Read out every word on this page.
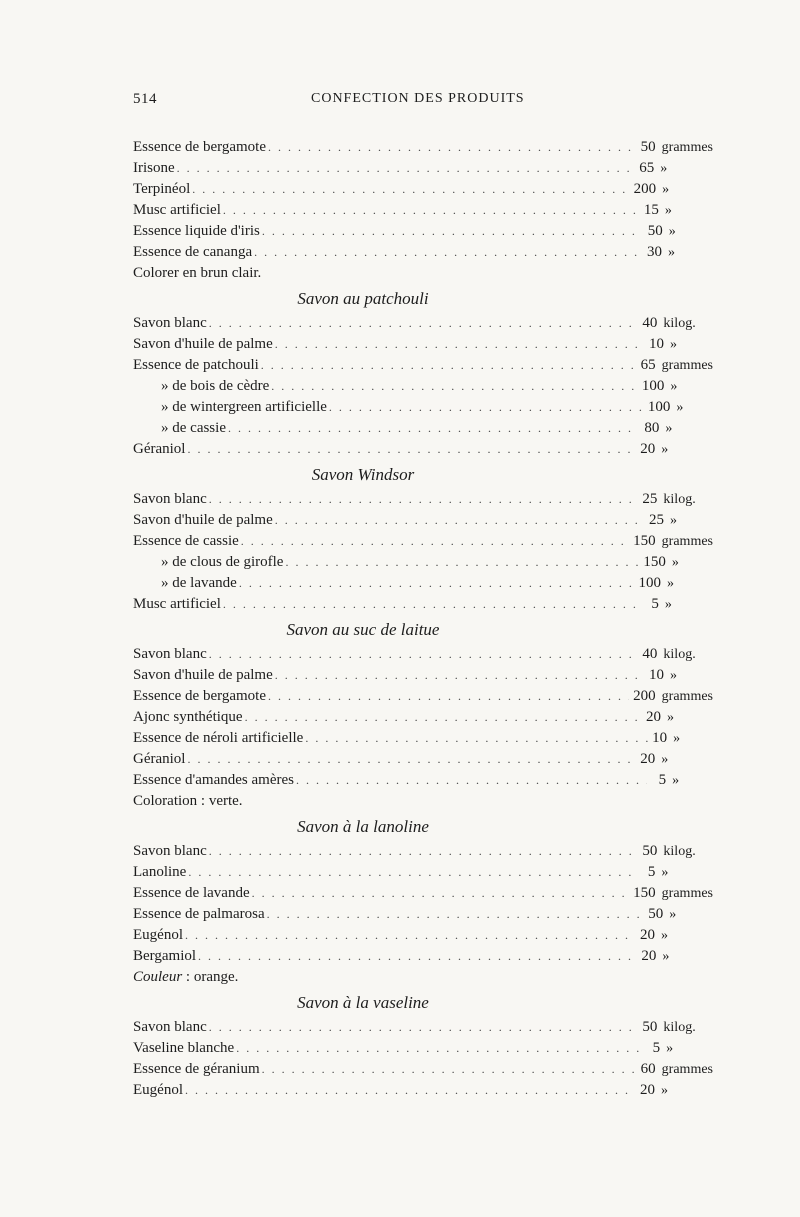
514	CONFECTION DES PRODUITS
Essence de bergamote . . .	50 grammes
Irisone . . .	65 »
Terpinéol . . .	200 »
Musc artificiel . . .	15 »
Essence liquide d'iris . . .	50 »
Essence de cananga . . .	30 »
Colorer en brun clair.
Savon au patchouli
Savon blanc . . .	40 kilog.
Savon d'huile de palme . . .	10 »
Essence de patchouli . . .	65 grammes
» de bois de cèdre . . .	100 »
» de wintergreen artificielle . . .	100 »
» de cassie . . .	80 »
Géraniol . . .	20 »
Savon Windsor
Savon blanc . . .	25 kilog.
Savon d'huile de palme . . .	25 »
Essence de cassie . . .	150 grammes
» de clous de girofle . . .	150 »
» de lavande . . .	100 »
Musc artificiel . . .	5 »
Savon au suc de laitue
Savon blanc . . .	40 kilog.
Savon d'huile de palme . . .	10 »
Essence de bergamote . . .	200 grammes
Ajonc synthétique . . .	20 »
Essence de néroli artificielle . . .	10 »
Géraniol . . .	20 »
Essence d'amandes amères . . .	5 »
Coloration : verte.
Savon à la lanoline
Savon blanc . . .	50 kilog.
Lanoline . . .	5 »
Essence de lavande . . .	150 grammes
Essence de palmarosa . . .	50 »
Eugénol . . .	20 »
Bergamiol . . .	20 »
Couleur : orange.
Savon à la vaseline
Savon blanc . . .	50 kilog.
Vaseline blanche . . .	5 »
Essence de géranium . . .	60 grammes
Eugénol . . .	20 »
